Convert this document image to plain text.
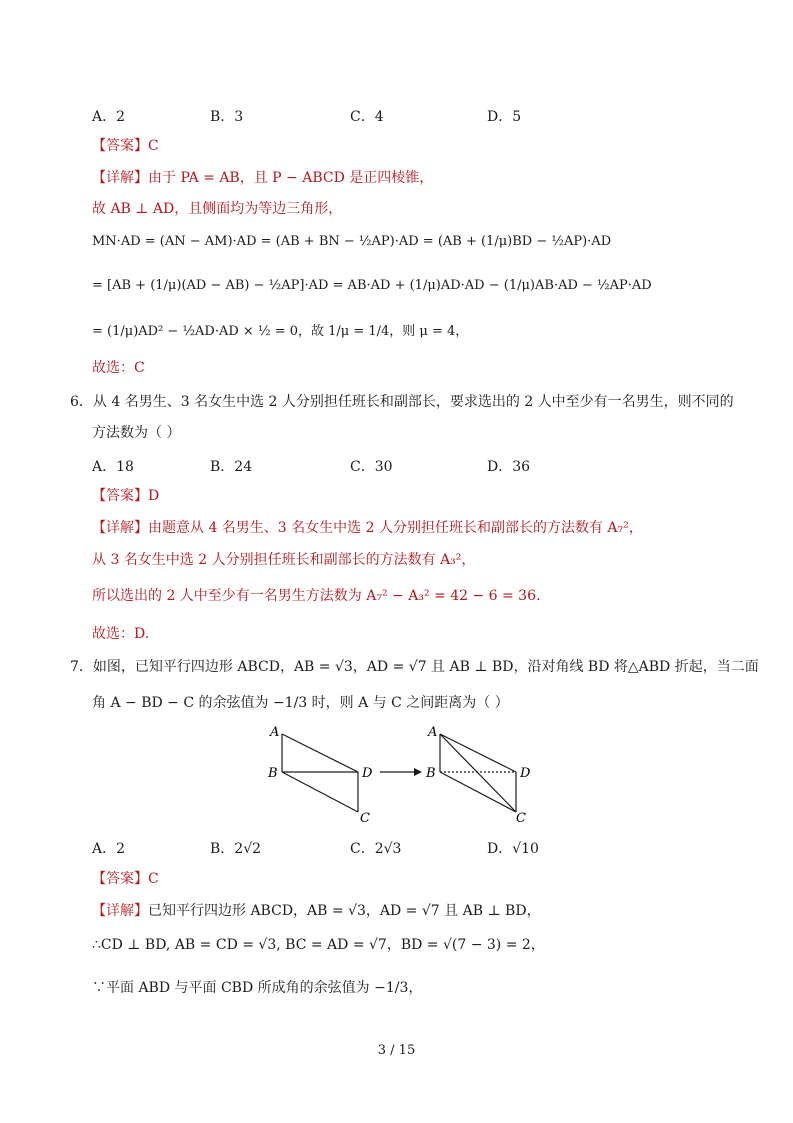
A．2	B．3	C．4	D．5
【答案】C
【详解】由于 PA = AB，且 P − ABCD 是正四棱锥，
故 AB ⊥ AD，且侧面均为等边三角形，
MN·AD = (AN − AM)·AD = (AB + BN − ½AP)·AD = (AB + (1/μ)BD − ½AP)·AD
= [AB + (1/μ)(AD − AB) − ½AP]·AD = AB·AD + (1/μ)AD·AD − (1/μ)AB·AD − ½AP·AD
= (1/μ)AD² − ½AD·AD × ½ = 0，故 1/μ = 1/4，则 μ = 4，
故选：C
6．从 4 名男生、3 名女生中选 2 人分别担任班长和副部长，要求选出的 2 人中至少有一名男生，则不同的
方法数为（ ）
A．18	B．24	C．30	D．36
【答案】D
【详解】由题意从 4 名男生、3 名女生中选 2 人分别担任班长和副部长的方法数有 A₇²，
从 3 名女生中选 2 人分别担任班长和副部长的方法数有 A₃²，
所以选出的 2 人中至少有一名男生方法数为 A₇² − A₃² = 42 − 6 = 36.
故选：D.
7．如图，已知平行四边形 ABCD，AB = √3，AD = √7 且 AB ⊥ BD，沿对角线 BD 将△ABD 折起，当二面
角 A − BD − C 的余弦值为 −1/3 时，则 A 与 C 之间距离为（ ）
A
B	D
C
A
B	D
C
A．2	B．2√2	C．2√3	D．√10
【答案】C
【详解】已知平行四边形 ABCD，AB = √3，AD = √7 且 AB ⊥ BD，
∴CD ⊥ BD, AB = CD = √3, BC = AD = √7，BD = √(7 − 3) = 2，
∵平面 ABD 与平面 CBD 所成角的余弦值为 −1/3，
3 / 15
